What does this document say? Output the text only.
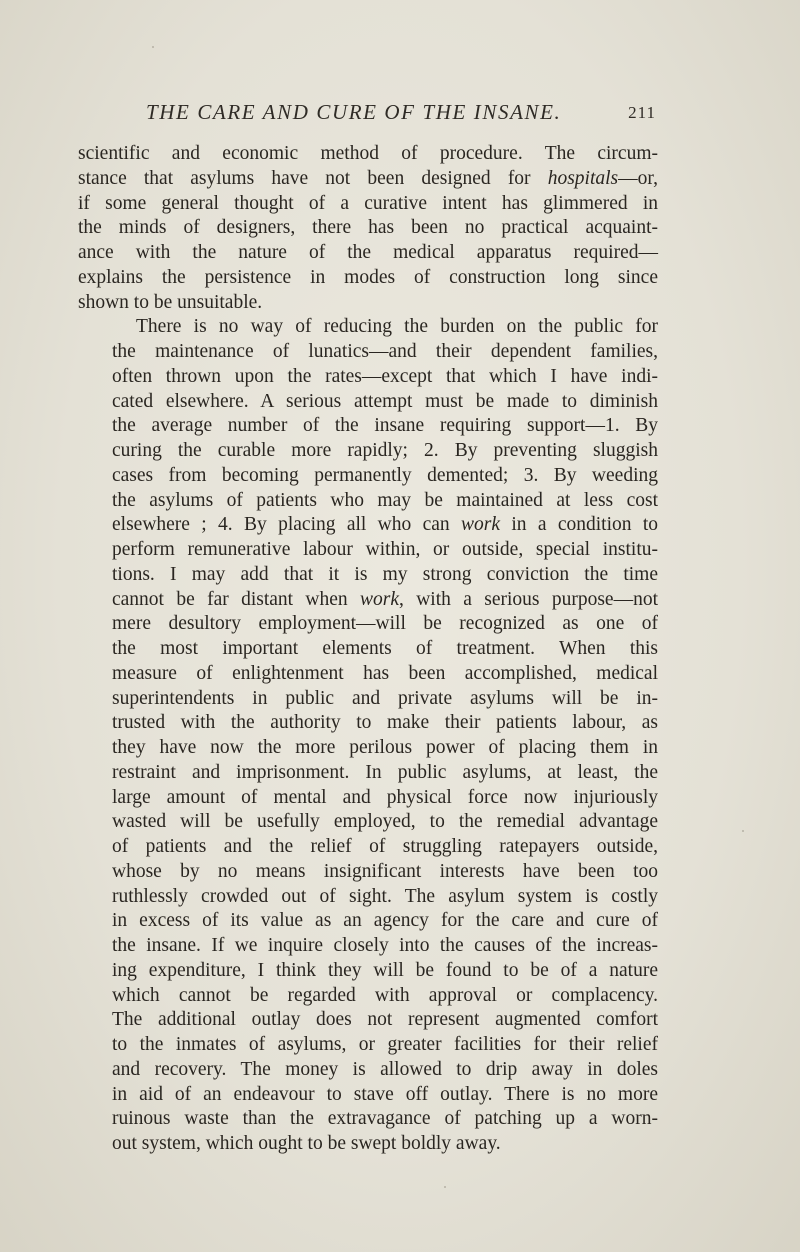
THE CARE AND CURE OF THE INSANE.	211

scientific and economic method of procedure. The circum-
stance that asylums have not been designed for hospitals—or,
if some general thought of a curative intent has glimmered in
the minds of designers, there has been no practical acquaint-
ance with the nature of the medical apparatus required—
explains the persistence in modes of construction long since
shown to be unsuitable.

There is no way of reducing the burden on the public for
the maintenance of lunatics—and their dependent families,
often thrown upon the rates—except that which I have indi-
cated elsewhere. A serious attempt must be made to diminish
the average number of the insane requiring support—1. By
curing the curable more rapidly; 2. By preventing sluggish
cases from becoming permanently demented; 3. By weeding
the asylums of patients who may be maintained at less cost
elsewhere ; 4. By placing all who can work in a condition to
perform remunerative labour within, or outside, special institu-
tions. I may add that it is my strong conviction the time
cannot be far distant when work, with a serious purpose—not
mere desultory employment—will be recognized as one of
the most important elements of treatment. When this
measure of enlightenment has been accomplished, medical
superintendents in public and private asylums will be in-
trusted with the authority to make their patients labour, as
they have now the more perilous power of placing them in
restraint and imprisonment. In public asylums, at least, the
large amount of mental and physical force now injuriously
wasted will be usefully employed, to the remedial advantage
of patients and the relief of struggling ratepayers outside,
whose by no means insignificant interests have been too
ruthlessly crowded out of sight. The asylum system is costly
in excess of its value as an agency for the care and cure of
the insane. If we inquire closely into the causes of the increas-
ing expenditure, I think they will be found to be of a nature
which cannot be regarded with approval or complacency.
The additional outlay does not represent augmented comfort
to the inmates of asylums, or greater facilities for their relief
and recovery. The money is allowed to drip away in doles
in aid of an endeavour to stave off outlay. There is no more
ruinous waste than the extravagance of patching up a worn-
out system, which ought to be swept boldly away.
